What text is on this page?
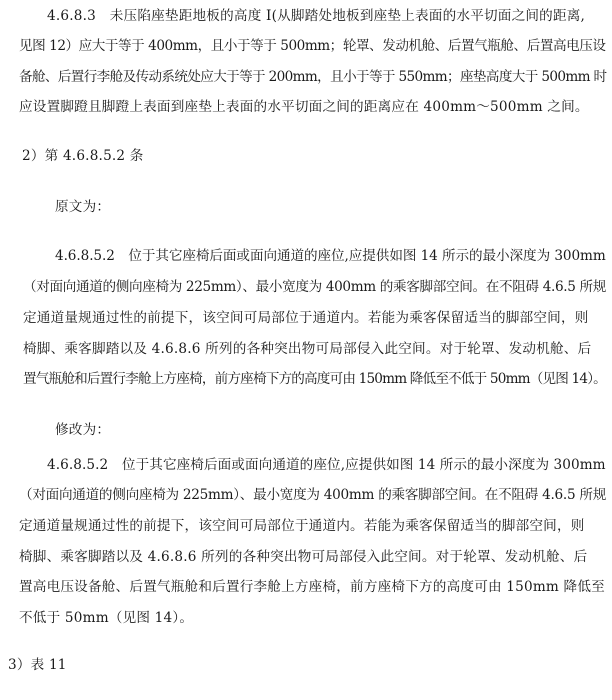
4.6.8.3　未压陷座垫距地板的高度 I(从脚踏处地板到座垫上表面的水平切面之间的距离,
见图 12）应大于等于 400mm，且小于等于 500mm；轮罩、发动机舱、后置气瓶舱、后置高电压设
备舱、后置行李舱及传动系统处应大于等于 200mm，且小于等于 550mm；座垫高度大于 500mm 时
应设置脚蹬且脚蹬上表面到座垫上表面的水平切面之间的距离应在 400mm～500mm 之间。
2）第 4.6.8.5.2 条
原文为：
4.6.8.5.2　位于其它座椅后面或面向通道的座位,应提供如图 14 所示的最小深度为 300mm
（对面向通道的侧向座椅为 225mm）、最小宽度为 400mm 的乘客脚部空间。在不阻碍 4.6.5 所规
定通道量规通过性的前提下，该空间可局部位于通道内。若能为乘客保留适当的脚部空间，则
椅脚、乘客脚踏以及 4.6.8.6 所列的各种突出物可局部侵入此空间。对于轮罩、发动机舱、后
置气瓶舱和后置行李舱上方座椅，前方座椅下方的高度可由 150mm 降低至不低于 50mm（见图 14）。
修改为：
4.6.8.5.2　位于其它座椅后面或面向通道的座位,应提供如图 14 所示的最小深度为 300mm
（对面向通道的侧向座椅为 225mm）、最小宽度为 400mm 的乘客脚部空间。在不阻碍 4.6.5 所规
定通道量规通过性的前提下，该空间可局部位于通道内。若能为乘客保留适当的脚部空间，则
椅脚、乘客脚踏以及 4.6.8.6 所列的各种突出物可局部侵入此空间。对于轮罩、发动机舱、后
置高电压设备舱、后置气瓶舱和后置行李舱上方座椅，前方座椅下方的高度可由 150mm 降低至
不低于 50mm（见图 14）。
3）表 11
